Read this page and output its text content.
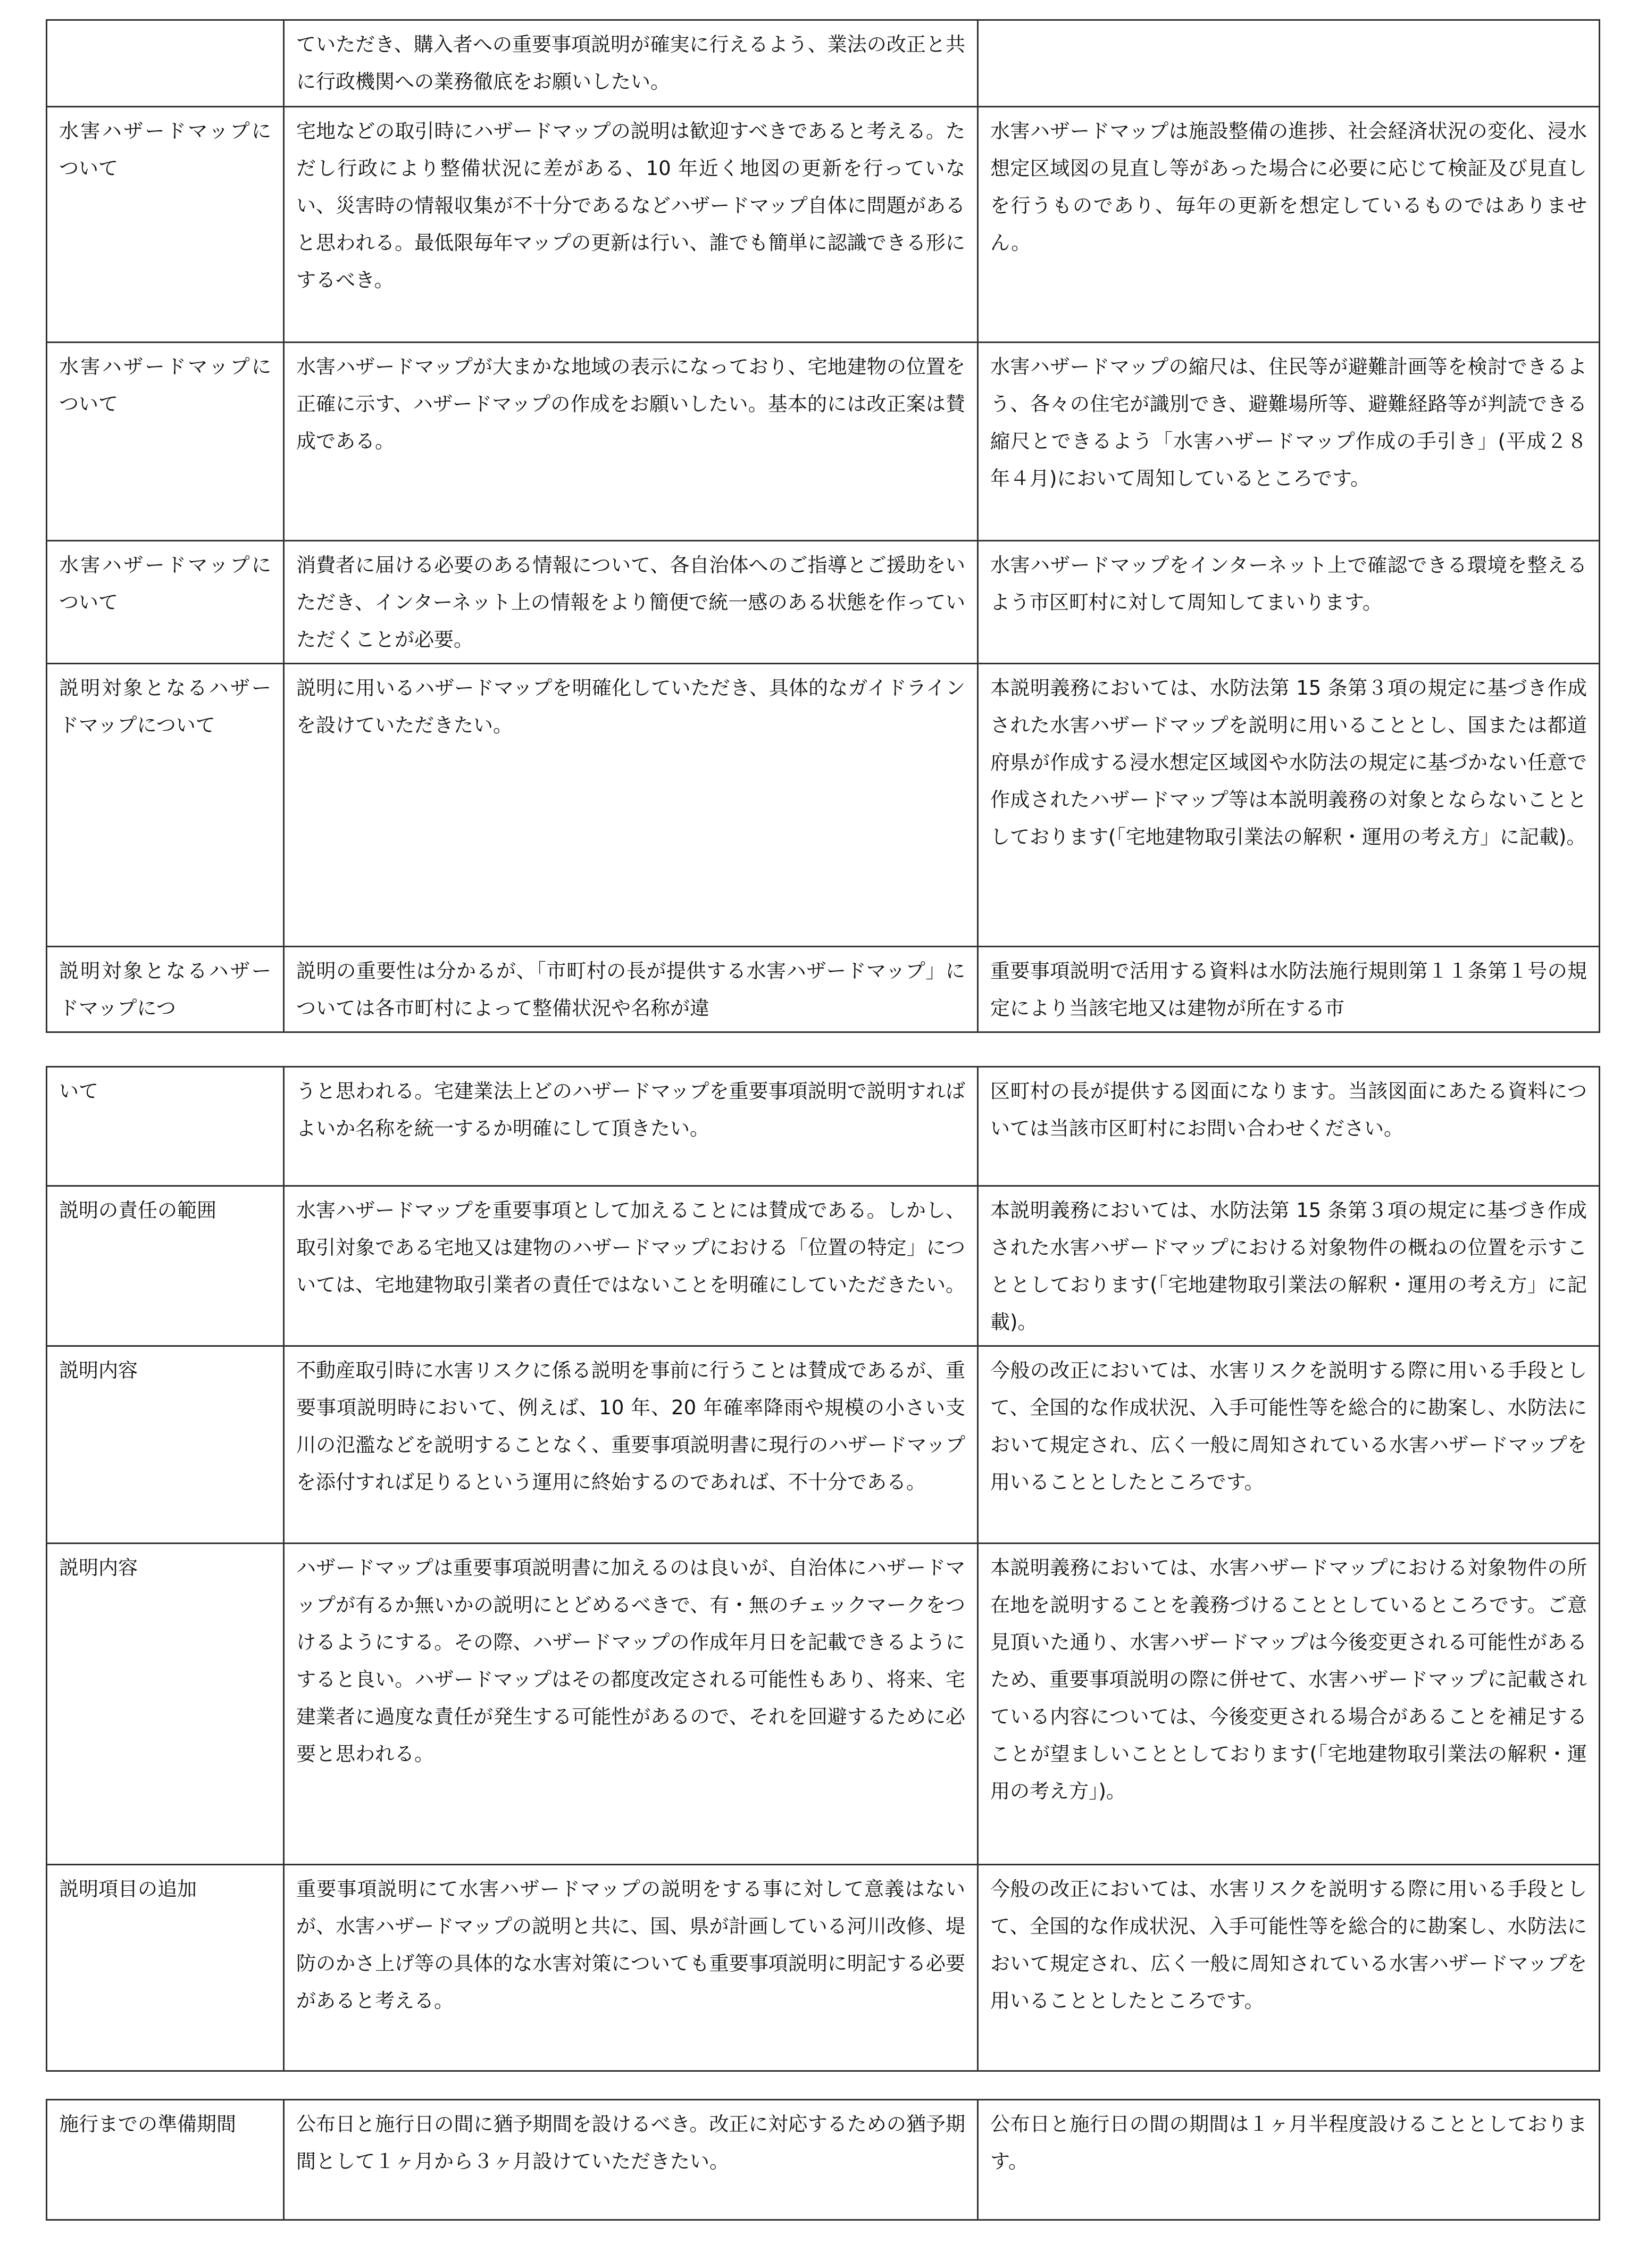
	ていただき、購入者への重要事項説明が確実に行えるよう、業法の改正と共に行政機関への業務徹底をお願いしたい。	
水害ハザードマップについて	宅地などの取引時にハザードマップの説明は歓迎すべきであると考える。ただし行政により整備状況に差がある、10 年近く地図の更新を行っていない、災害時の情報収集が不十分であるなどハザードマップ自体に問題があると思われる。最低限毎年マップの更新は行い、誰でも簡単に認識できる形にするべき。	水害ハザードマップは施設整備の進捗、社会経済状況の変化、浸水想定区域図の見直し等があった場合に必要に応じて検証及び見直しを行うものであり、毎年の更新を想定しているものではありません。
水害ハザードマップについて	水害ハザードマップが大まかな地域の表示になっており、宅地建物の位置を正確に示す、ハザードマップの作成をお願いしたい。基本的には改正案は賛成である。	水害ハザードマップの縮尺は、住民等が避難計画等を検討できるよう、各々の住宅が識別でき、避難場所等、避難経路等が判読できる縮尺とできるよう「水害ハザードマップ作成の手引き」(平成２８年４月)において周知しているところです。
水害ハザードマップについて	消費者に届ける必要のある情報について、各自治体へのご指導とご援助をいただき、インターネット上の情報をより簡便で統一感のある状態を作っていただくことが必要。	水害ハザードマップをインターネット上で確認できる環境を整えるよう市区町村に対して周知してまいります。
説明対象となるハザードマップについて	説明に用いるハザードマップを明確化していただき、具体的なガイドラインを設けていただきたい。	本説明義務においては、水防法第 15 条第３項の規定に基づき作成された水害ハザードマップを説明に用いることとし、国または都道府県が作成する浸水想定区域図や水防法の規定に基づかない任意で作成されたハザードマップ等は本説明義務の対象とならないこととしております(「宅地建物取引業法の解釈・運用の考え方」に記載)。
説明対象となるハザードマップにつ	説明の重要性は分かるが、「市町村の長が提供する水害ハザードマップ」については各市町村によって整備状況や名称が違	重要事項説明で活用する資料は水防法施行規則第１１条第１号の規定により当該宅地又は建物が所在する市
いて	うと思われる。宅建業法上どのハザードマップを重要事項説明で説明すればよいか名称を統一するか明確にして頂きたい。	区町村の長が提供する図面になります。当該図面にあたる資料については当該市区町村にお問い合わせください。
説明の責任の範囲	水害ハザードマップを重要事項として加えることには賛成である。しかし、取引対象である宅地又は建物のハザードマップにおける「位置の特定」については、宅地建物取引業者の責任ではないことを明確にしていただきたい。	本説明義務においては、水防法第 15 条第３項の規定に基づき作成された水害ハザードマップにおける対象物件の概ねの位置を示すこととしております(「宅地建物取引業法の解釈・運用の考え方」に記載)。
説明内容	不動産取引時に水害リスクに係る説明を事前に行うことは賛成であるが、重要事項説明時において、例えば、10 年、20 年確率降雨や規模の小さい支川の氾濫などを説明することなく、重要事項説明書に現行のハザードマップを添付すれば足りるという運用に終始するのであれば、不十分である。	今般の改正においては、水害リスクを説明する際に用いる手段として、全国的な作成状況、入手可能性等を総合的に勘案し、水防法において規定され、広く一般に周知されている水害ハザードマップを用いることとしたところです。
説明内容	ハザードマップは重要事項説明書に加えるのは良いが、自治体にハザードマップが有るか無いかの説明にとどめるべきで、有・無のチェックマークをつけるようにする。その際、ハザードマップの作成年月日を記載できるようにすると良い。ハザードマップはその都度改定される可能性もあり、将来、宅建業者に過度な責任が発生する可能性があるので、それを回避するために必要と思われる。	本説明義務においては、水害ハザードマップにおける対象物件の所在地を説明することを義務づけることとしているところです。ご意見頂いた通り、水害ハザードマップは今後変更される可能性があるため、重要事項説明の際に併せて、水害ハザードマップに記載されている内容については、今後変更される場合があることを補足することが望ましいこととしております(「宅地建物取引業法の解釈・運用の考え方」)。
説明項目の追加	重要事項説明にて水害ハザードマップの説明をする事に対して意義はないが、水害ハザードマップの説明と共に、国、県が計画している河川改修、堤防のかさ上げ等の具体的な水害対策についても重要事項説明に明記する必要があると考える。	今般の改正においては、水害リスクを説明する際に用いる手段として、全国的な作成状況、入手可能性等を総合的に勘案し、水防法において規定され、広く一般に周知されている水害ハザードマップを用いることとしたところです。
施行までの準備期間	公布日と施行日の間に猶予期間を設けるべき。改正に対応するための猶予期間として１ヶ月から３ヶ月設けていただきたい。	公布日と施行日の間の期間は１ヶ月半程度設けることとしております。
